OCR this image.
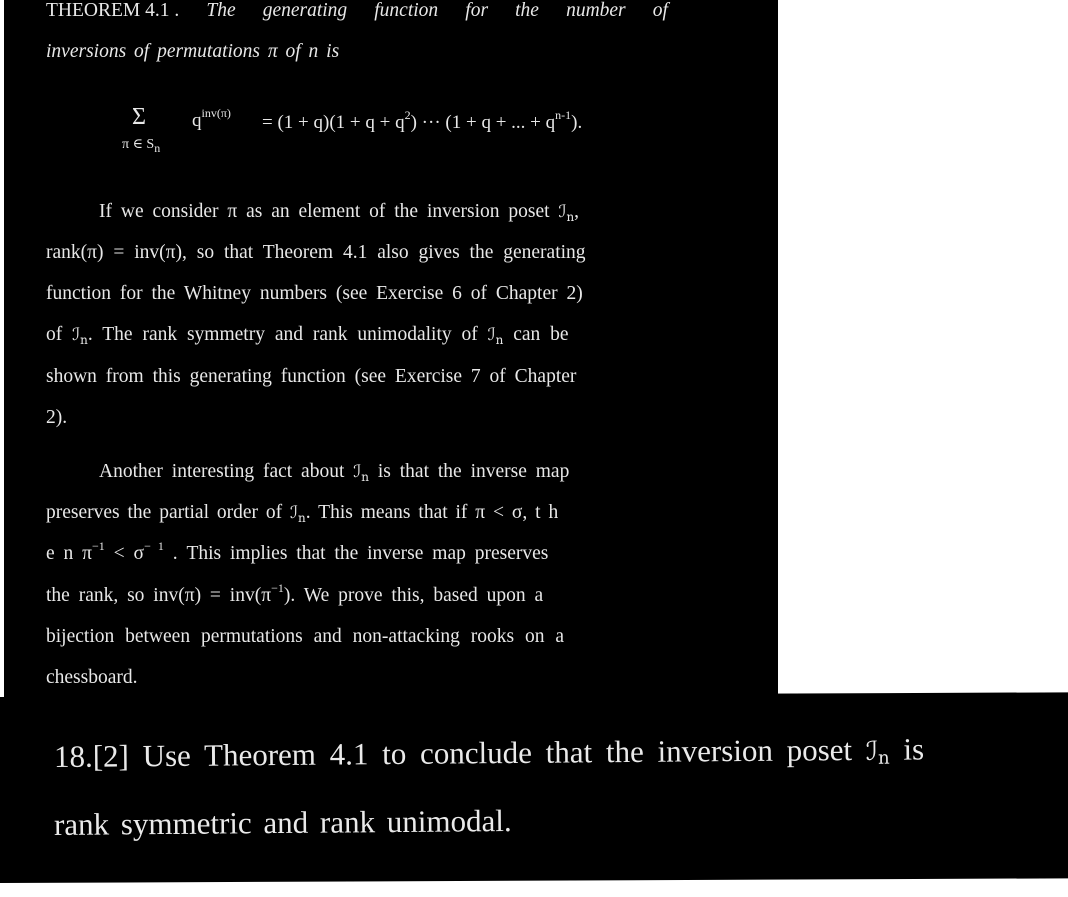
THEOREM 4.1 . The generating function for the number of
inversions of permutations π of n is
Σ
π ∈ $S_n$
$q^{inv(\pi)} = (1 + q)(1 + q + q^2)$ ··· (1 + q + ... + $q^{n-1}$).
If we consider π as an element of the inversion poset ℐ$_n$,
rank(π) = inv(π), so that Theorem 4.1 also gives the generating
function for the Whitney numbers (see Exercise 6 of Chapter 2)
of ℐ$_n$. The rank symmetry and rank unimodality of ℐ$_n$ can be
shown from this generating function (see Exercise 7 of Chapter
2).
Another interesting fact about ℐ$_n$ is that the inverse map
preserves the partial order of ℐ$_n$. This means that if π < σ, t h
e n $\pi^{-1} < \sigma^{- 1}$ . This implies that the inverse map preserves
the rank, so $inv(\pi) = inv(\pi^{-1})$. We prove this, based upon a
bijection between permutations and non-attacking rooks on a
chessboard.
18.[2] Use Theorem 4.1 to conclude that the inversion poset ℐ$_n$ is
rank symmetric and rank unimodal.
